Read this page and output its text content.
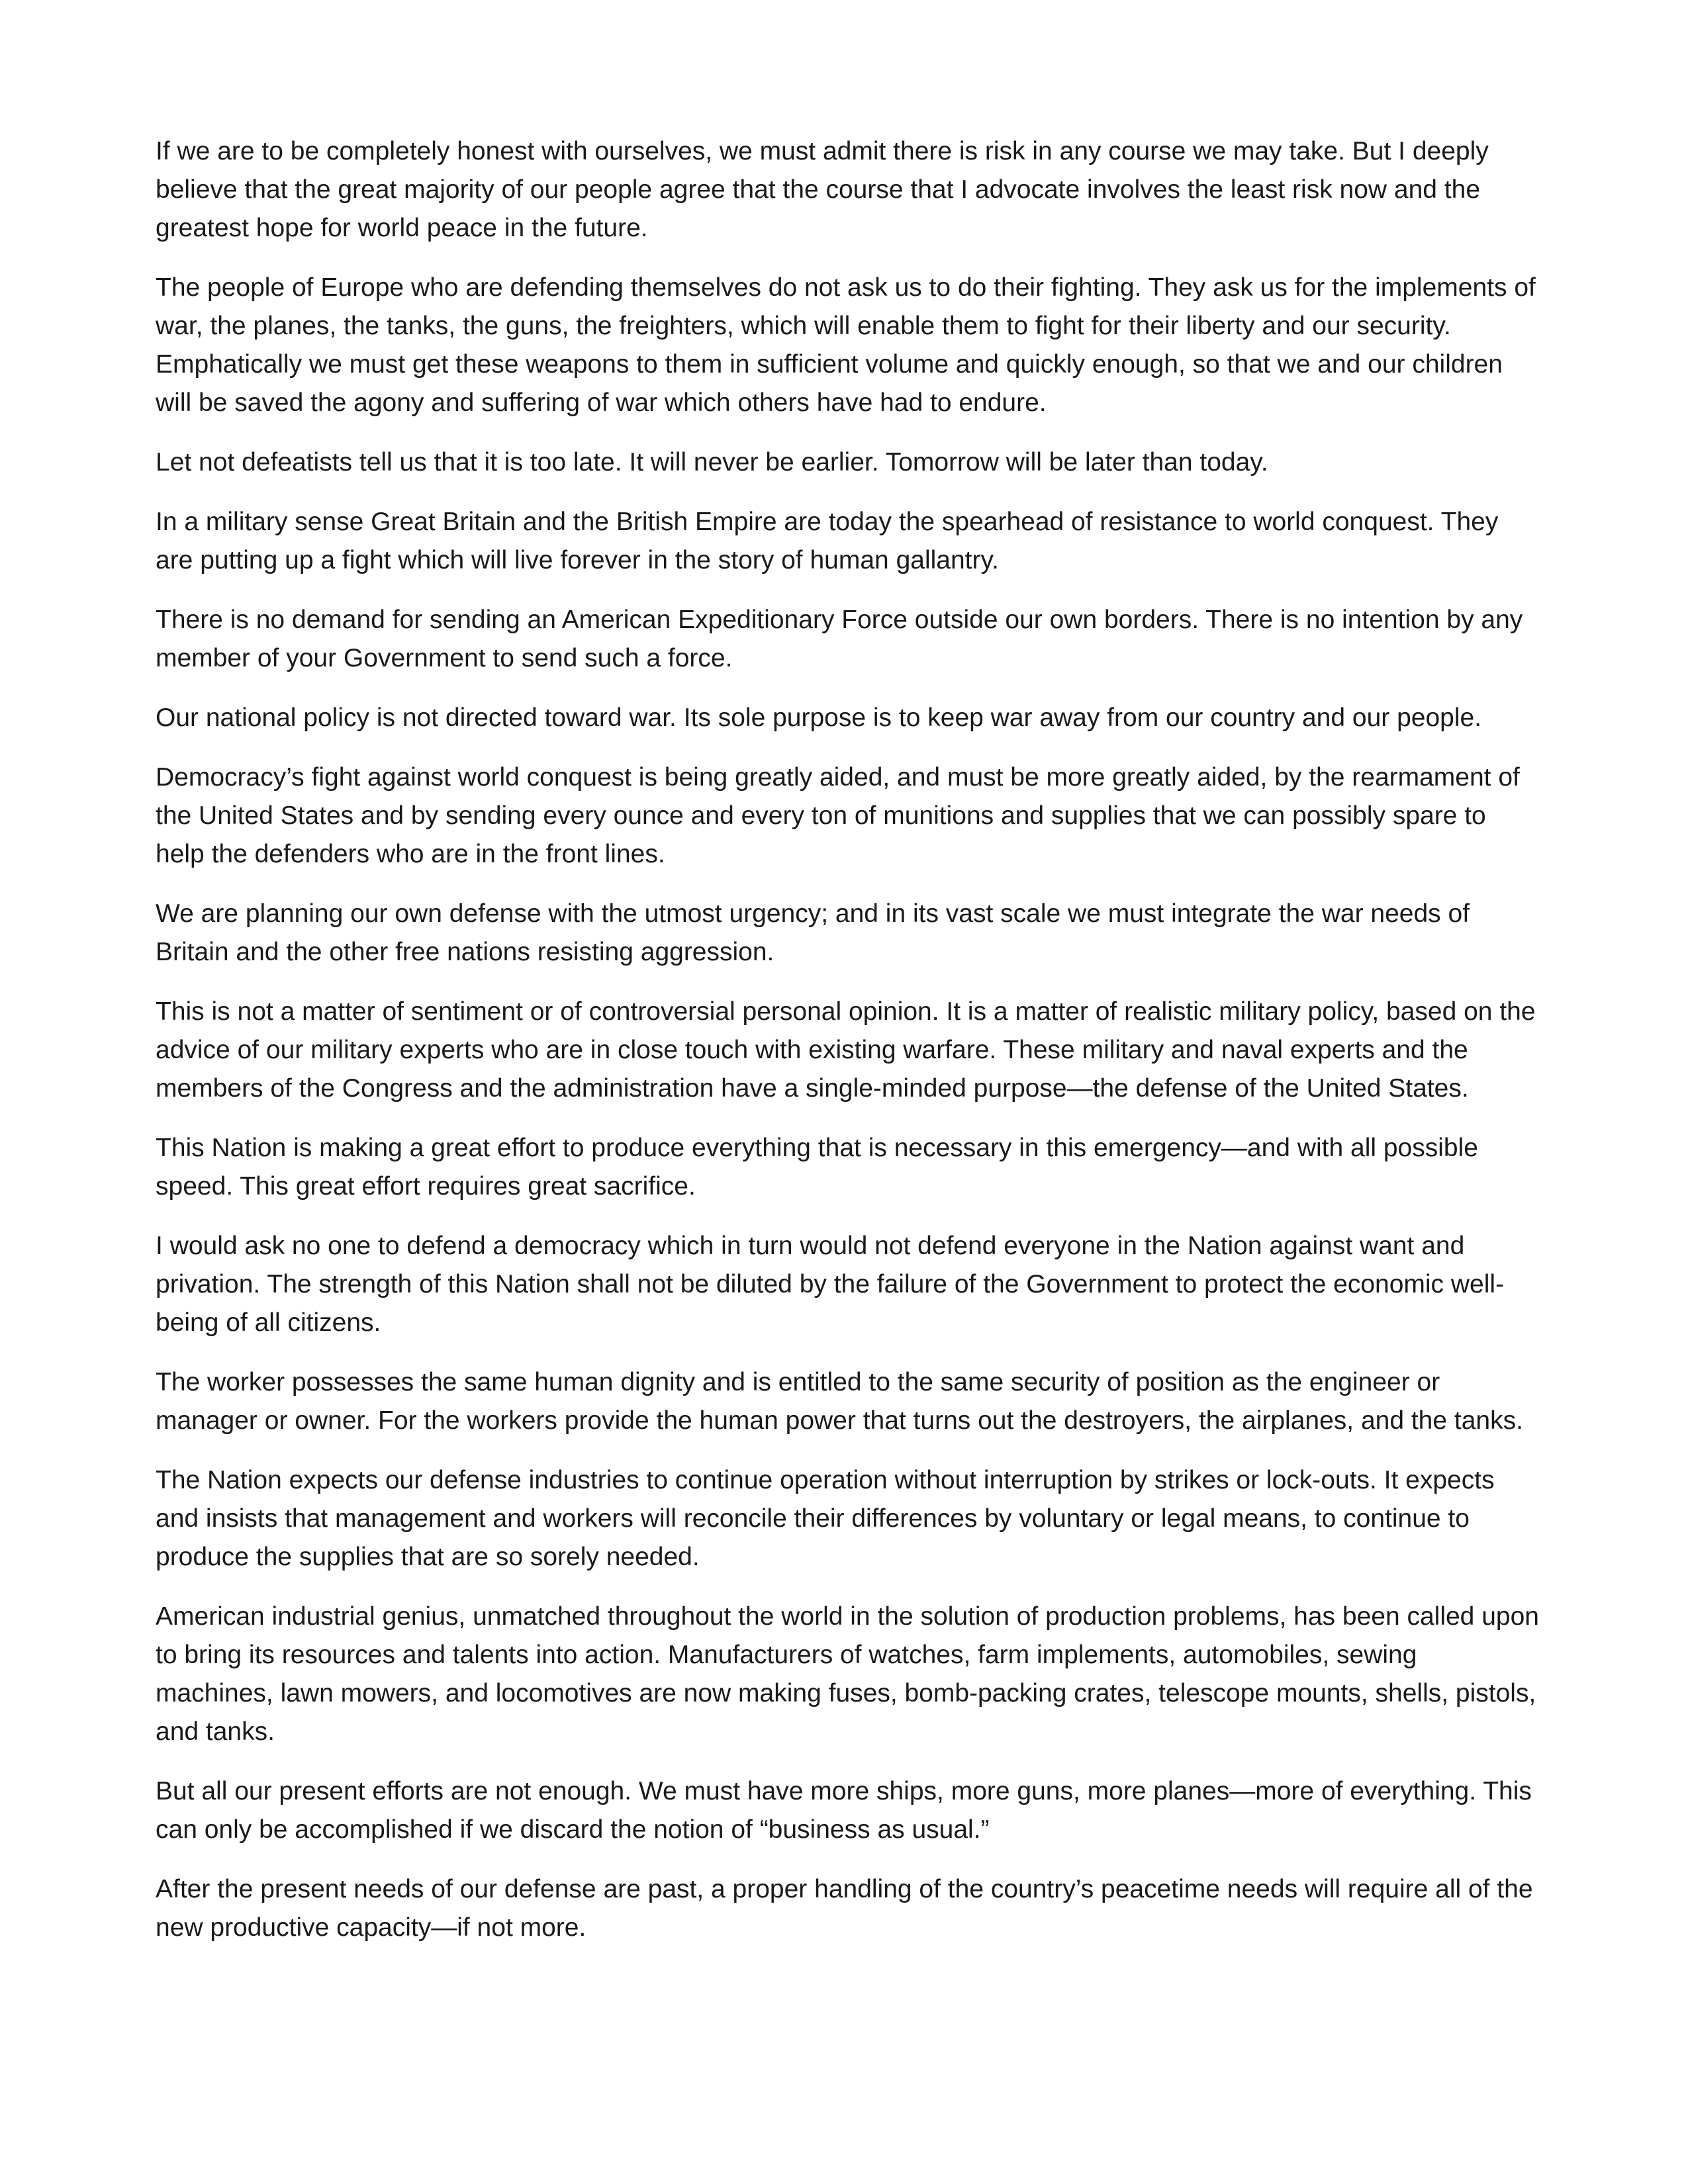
If we are to be completely honest with ourselves, we must admit there is risk in any course we may take. But I deeply believe that the great majority of our people agree that the course that I advocate involves the least risk now and the greatest hope for world peace in the future.

The people of Europe who are defending themselves do not ask us to do their fighting. They ask us for the implements of war, the planes, the tanks, the guns, the freighters, which will enable them to fight for their liberty and our security. Emphatically we must get these weapons to them in sufficient volume and quickly enough, so that we and our children will be saved the agony and suffering of war which others have had to endure.

Let not defeatists tell us that it is too late. It will never be earlier. Tomorrow will be later than today.

In a military sense Great Britain and the British Empire are today the spearhead of resistance to world conquest. They are putting up a fight which will live forever in the story of human gallantry.

There is no demand for sending an American Expeditionary Force outside our own borders. There is no intention by any member of your Government to send such a force.

Our national policy is not directed toward war. Its sole purpose is to keep war away from our country and our people.

Democracy’s fight against world conquest is being greatly aided, and must be more greatly aided, by the rearmament of the United States and by sending every ounce and every ton of munitions and supplies that we can possibly spare to help the defenders who are in the front lines.

We are planning our own defense with the utmost urgency; and in its vast scale we must integrate the war needs of Britain and the other free nations resisting aggression.

This is not a matter of sentiment or of controversial personal opinion. It is a matter of realistic military policy, based on the advice of our military experts who are in close touch with existing warfare. These military and naval experts and the members of the Congress and the administration have a single-minded purpose—the defense of the United States.

This Nation is making a great effort to produce everything that is necessary in this emergency—and with all possible speed. This great effort requires great sacrifice.

I would ask no one to defend a democracy which in turn would not defend everyone in the Nation against want and privation. The strength of this Nation shall not be diluted by the failure of the Government to protect the economic well-being of all citizens.

The worker possesses the same human dignity and is entitled to the same security of position as the engineer or manager or owner. For the workers provide the human power that turns out the destroyers, the airplanes, and the tanks.

The Nation expects our defense industries to continue operation without interruption by strikes or lock-outs. It expects and insists that management and workers will reconcile their differences by voluntary or legal means, to continue to produce the supplies that are so sorely needed.

American industrial genius, unmatched throughout the world in the solution of production problems, has been called upon to bring its resources and talents into action. Manufacturers of watches, farm implements, automobiles, sewing machines, lawn mowers, and locomotives are now making fuses, bomb-packing crates, telescope mounts, shells, pistols, and tanks.

But all our present efforts are not enough. We must have more ships, more guns, more planes—more of everything. This can only be accomplished if we discard the notion of “business as usual.”

After the present needs of our defense are past, a proper handling of the country’s peacetime needs will require all of the new productive capacity—if not more.
